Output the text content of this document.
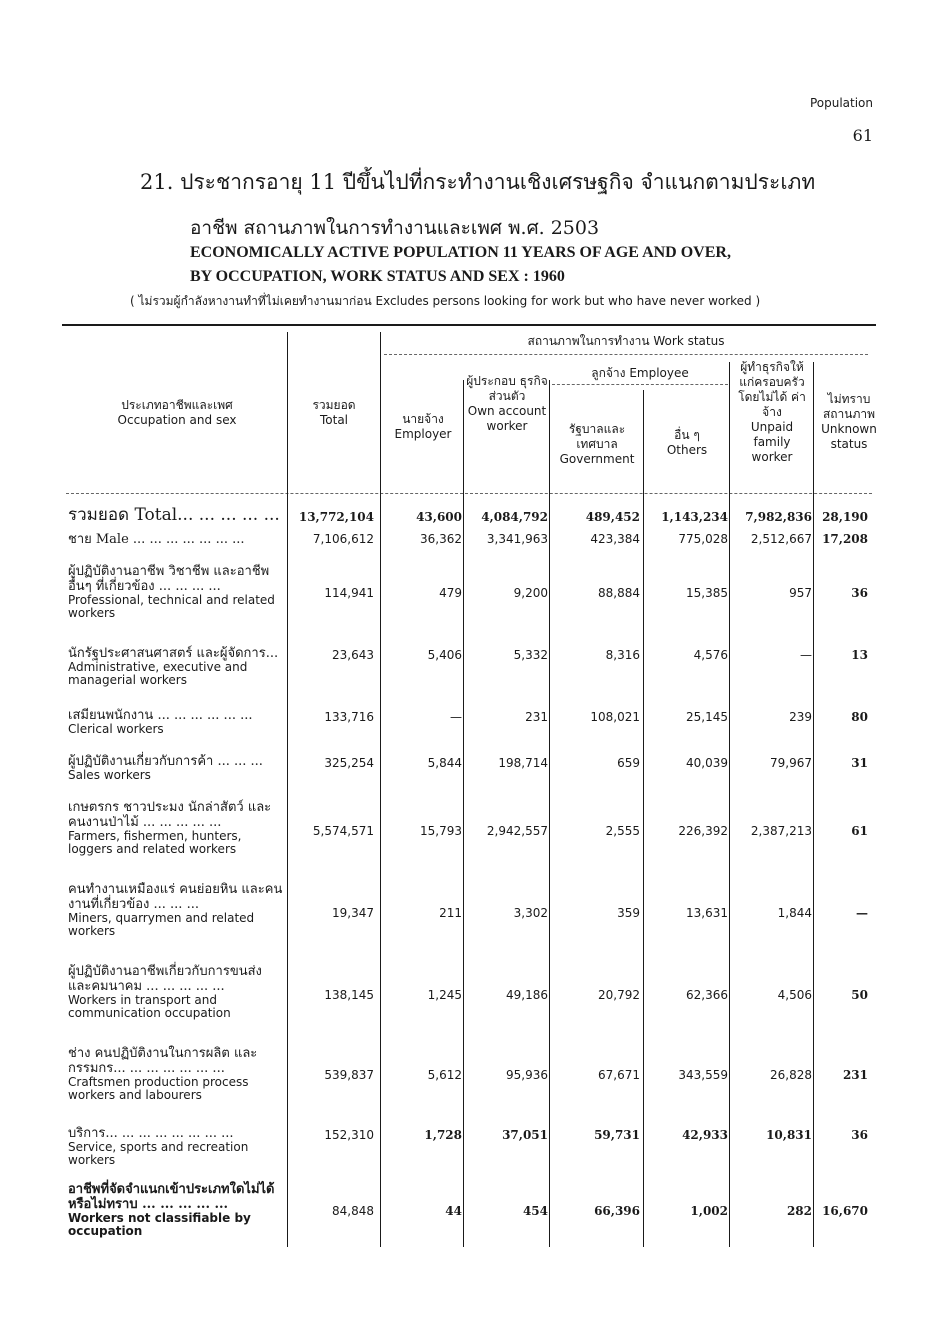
Population
61
21. ประชากรอายุ 11 ปีขึ้นไปที่กระทำงานเชิงเศรษฐกิจ จำแนกตามประเภท
อาชีพ สถานภาพในการทำงานและเพศ พ.ศ. 2503
ECONOMICALLY ACTIVE POPULATION 11 YEARS OF AGE AND OVER,
BY OCCUPATION, WORK STATUS AND SEX : 1960
( ไม่รวมผู้กำลังหางานทำที่ไม่เคยทำงานมาก่อน Excludes persons looking for work but who have never worked )
ประเภทอาชีพและเพศ
Occupation and sex
รวมยอด
Total
สถานภาพในการทำงาน Work status
นายจ้าง
Employer
ผู้ประกอบ ธุรกิจส่วนตัว
Own account worker
ลูกจ้าง Employee
รัฐบาลและ เทศบาล
Government
อื่น ๆ
Others
ผู้ทำธุรกิจให้ แก่ครอบครัว โดยไม่ได้ ค่าจ้าง
Unpaid family worker
ไม่ทราบ สถานภาพ
Unknown status
รวมยอด Total... ... ... ... ...	13,772,104	43,600	4,084,792	489,452	1,143,234	7,982,836 28,190
ชาย Male ... ... ... ... ... ... ...	7,106,612	36,362	3,341,963	423,384	775,028	2,512,667 17,208
ผู้ปฏิบัติงานอาชีพ วิชาชีพ และอาชีพ อื่นๆ ที่เกี่ยวข้อง ... ... ... ...
Professional, technical and related workers
114,941	479	9,200	88,884	15,385	957	36
นักรัฐประศาสนศาสตร์ และผู้จัดการ...
Administrative, executive and managerial workers
23,643	5,406	5,332	8,316	4,576	—	13
เสมียนพนักงาน ... ... ... ... ... ...
Clerical workers
133,716	—	231	108,021	25,145	239	80
ผู้ปฏิบัติงานเกี่ยวกับการค้า ... ... ...
Sales workers
325,254	5,844	198,714	659	40,039	79,967	31
เกษตรกร ชาวประมง นักล่าสัตว์ และ คนงานป่าไม้ ... ... ... ... ...
Farmers, fishermen, hunters, loggers and related workers
5,574,571	15,793	2,942,557	2,555	226,392	2,387,213	61
คนทำงานเหมืองแร่ คนย่อยหิน และคนงานที่เกี่ยวข้อง ... ... ...
Miners, quarrymen and related workers
19,347	211	3,302	359	13,631	1,844	—
ผู้ปฏิบัติงานอาชีพเกี่ยวกับการขนส่ง และคมนาคม ... ... ... ... ...
Workers in transport and communication occupation
138,145	1,245	49,186	20,792	62,366	4,506	50
ช่าง คนปฏิบัติงานในการผลิต และ กรรมกร... ... ... ... ... ... ...
Craftsmen production process workers and labourers
539,837	5,612	95,936	67,671	343,559	26,828	231
บริการ... ... ... ... ... ... ... ...
Service, sports and recreation workers
152,310	1,728	37,051	59,731	42,933	10,831	36
อาชีพที่จัดจำแนกเข้าประเภทใดไม่ได้ หรือไม่ทราบ ... ... ... ... ...
Workers not classifiable by occupation
84,848	44	454	66,396	1,002	282 16,670
